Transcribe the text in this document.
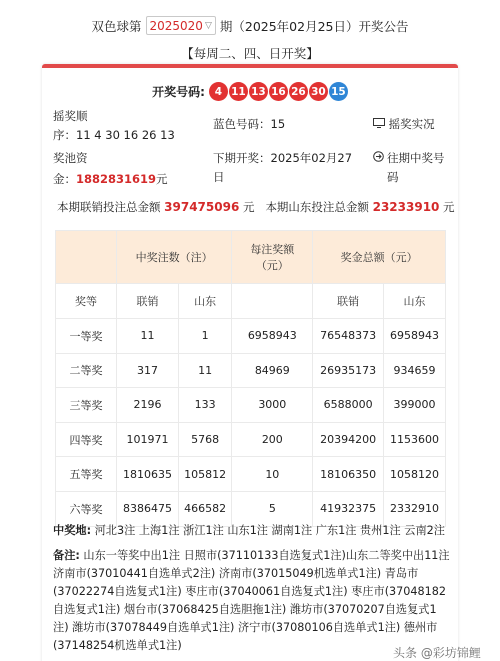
双色球第 2025020 ▽ 期（2025年02月25日）开奖公告
【每周二、四、日开奖】
开奖号码: 4 11 13 16 26 30 15
摇奖顺
序：11 4 30 16 26 13
蓝色号码：15	摇奖实况
奖池资
金：1882831619元
下期开奖：2025年02月27日
往期中奖号码
本期联销投注总金额 397475096 元 本期山东投注总金额 23233910 元
	中奖注数（注）		每注奖额（元）	奖金总额（元）	
奖等	联销	山东		联销	山东
一等奖	11	1	6958943	76548373	6958943
二等奖	317	11	84969	26935173	934659
三等奖	2196	133	3000	6588000	399000
四等奖	101971	5768	200	20394200	1153600
五等奖	1810635	105812	10	18106350	1058120
六等奖	8386475	466582	5	41932375	2332910
中奖地: 河北3注 上海1注 浙江1注 山东1注 湖南1注 广东1注 贵州1注 云南2注
备注: 山东一等奖中出1注 日照市(37110133自选复式1注)山东二等奖中出11注 济南市(37010441自选单式2注) 济南市(37015049机选单式1注) 青岛市(37022274自选复式1注) 枣庄市(37040061自选复式1注) 枣庄市(37048182自选复式1注) 烟台市(37068425自选胆拖1注) 潍坊市(37070207自选复式1注) 潍坊市(37078449自选单式1注) 济宁市(37080106自选单式1注) 德州市(37148254机选单式1注)
头条 @彩坊锦鲤
